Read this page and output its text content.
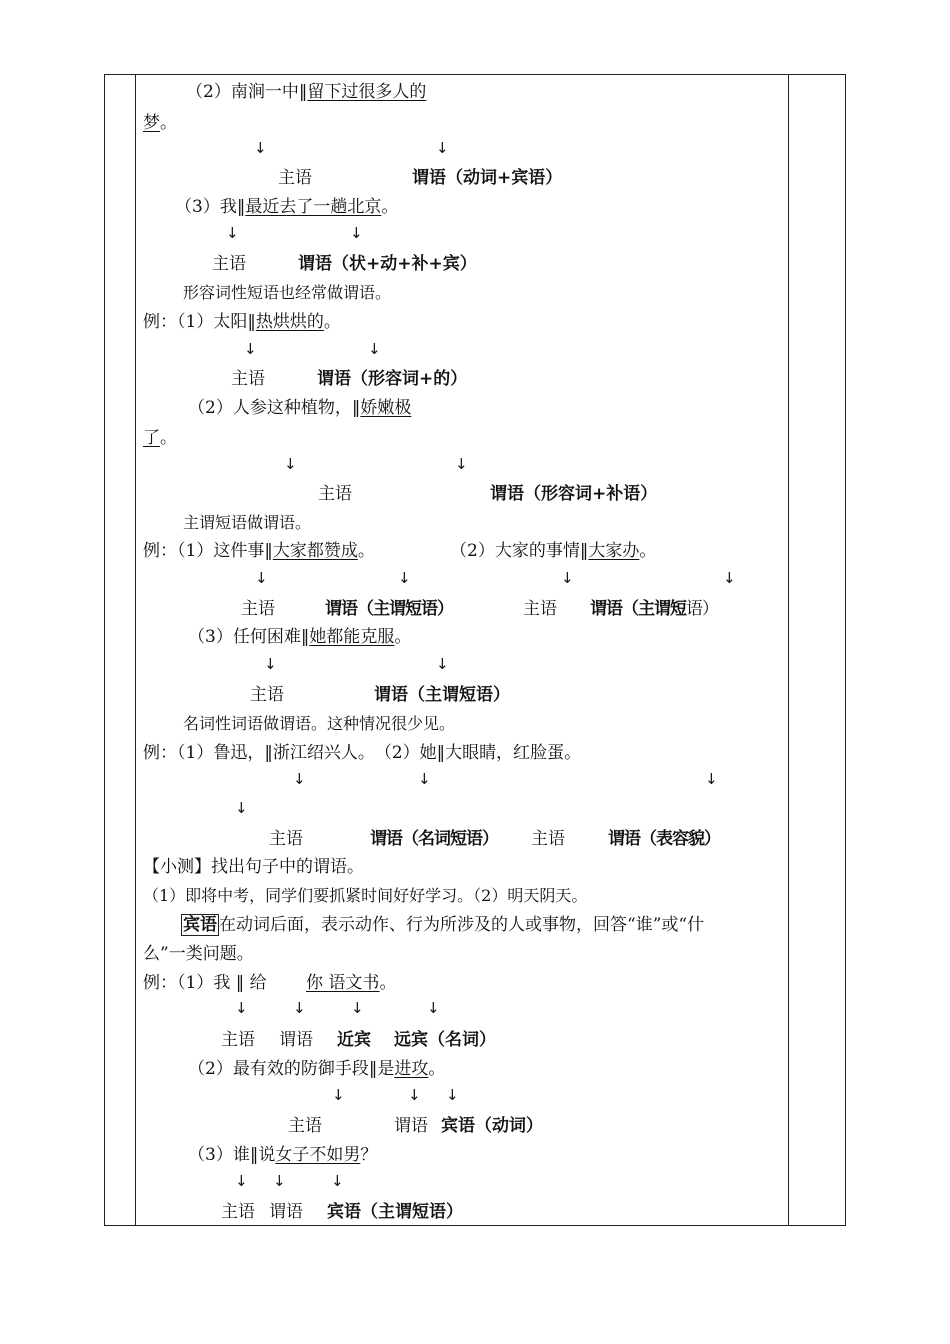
（2）南涧一中‖留下过很多人的
梦。
↓	↓
主语	谓语（动词+宾语）
（3）我‖最近去了一趟北京。
↓	↓
主语	谓语（状+动+补+宾）
形容词性短语也经常做谓语。
例：（1）太阳‖热烘烘的。
↓	↓
主语	谓语（形容词+的）
（2）人参这种植物，‖娇嫩极
了。
↓	↓
主语	谓语（形容词+补语）
主谓短语做谓语。
例：（1）这件事‖大家都赞成。	（2）大家的事情‖大家办。
↓	↓	↓	↓
主语	谓语（主谓短语）	主语 谓语（主谓短语）
（3）任何困难‖她都能克服。
↓	↓
主语	谓语（主谓短语）
名词性词语做谓语。这种情况很少见。
例：（1）鲁迅，‖浙江绍兴人。　（2）她‖大眼睛，红脸蛋。
↓	↓	↓
↓
主语	谓语（名词短语） 主语	谓语（表容貌）
【小测】找出句子中的谓语。
（1）即将中考，同学们要抓紧时间好好学习。（2）明天阴天。
宾语 在动词后面，表示动作、行为所涉及的人或事物，回答“谁”或“什
么”一类问题。
例：（1）我 ‖ 给 你 语文书。
↓	↓	↓	↓
主语 谓语 近宾 远宾（名词）
（2）最有效的防御手段‖是进攻。
↓	↓ ↓
主语	谓语 宾语（动词）
（3）谁‖说女子不如男？
↓ ↓	↓
主语 谓语 宾语（主谓短语）
